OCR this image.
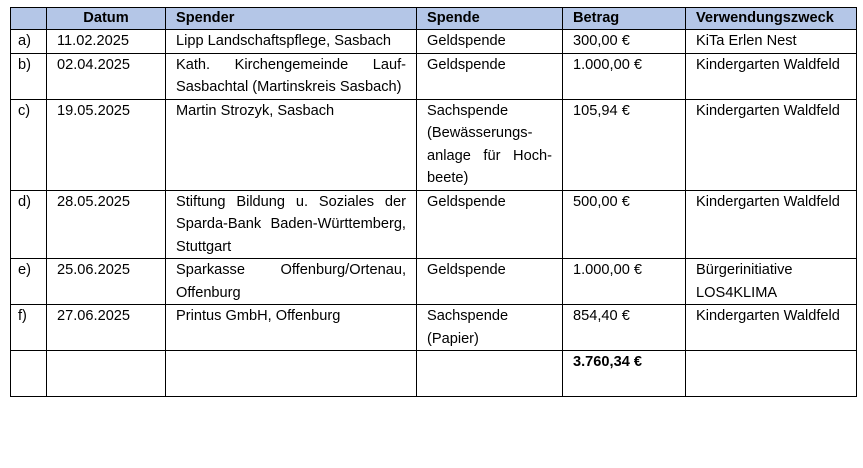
	Datum	Spender	Spende	Betrag	Verwendungszweck
a)	11.02.2025	Lipp Landschaftspflege, Sasbach	Geldspende	300,00 €	KiTa Erlen Nest
b)	02.04.2025	Kath. Kirchengemeinde Lauf-Sasbachtal (Martinskreis Sasbach)	Geldspende	1.000,00 €	Kindergarten Waldfeld
c)	19.05.2025	Martin Strozyk, Sasbach	Sachspende (Bewässerungs-anlage für Hoch-beete)	105,94 €	Kindergarten Waldfeld
d)	28.05.2025	Stiftung Bildung u. Soziales der Sparda-Bank Baden-Württemberg, Stuttgart	Geldspende	500,00 €	Kindergarten Waldfeld
e)	25.06.2025	Sparkasse Offenburg/Ortenau, Offenburg	Geldspende	1.000,00 €	Bürgerinitiative LOS4KLIMA
f)	27.06.2025	Printus GmbH, Offenburg	Sachspende (Papier)	854,40 €	Kindergarten Waldfeld
				3.760,34 €	
